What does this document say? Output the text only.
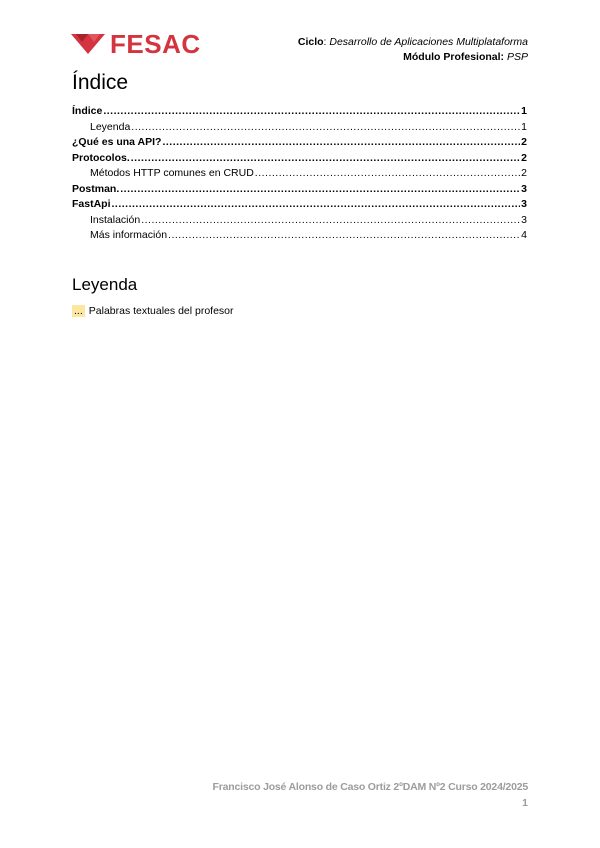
FESAC	Ciclo: Desarrollo de Aplicaciones Multiplataforma
Módulo Profesional: PSP
Índice
Índice .....	1
Leyenda .....	1
¿Qué es una API? .....	2
Protocolos. .....	2
Métodos HTTP comunes en CRUD .....	2
Postman. .....	3
FastApi .....	3
Instalación .....	3
Más información .....	4
Leyenda
... Palabras textuales del profesor
Francisco José Alonso de Caso Ortiz 2ºDAM Nº2 Curso 2024/2025
1
